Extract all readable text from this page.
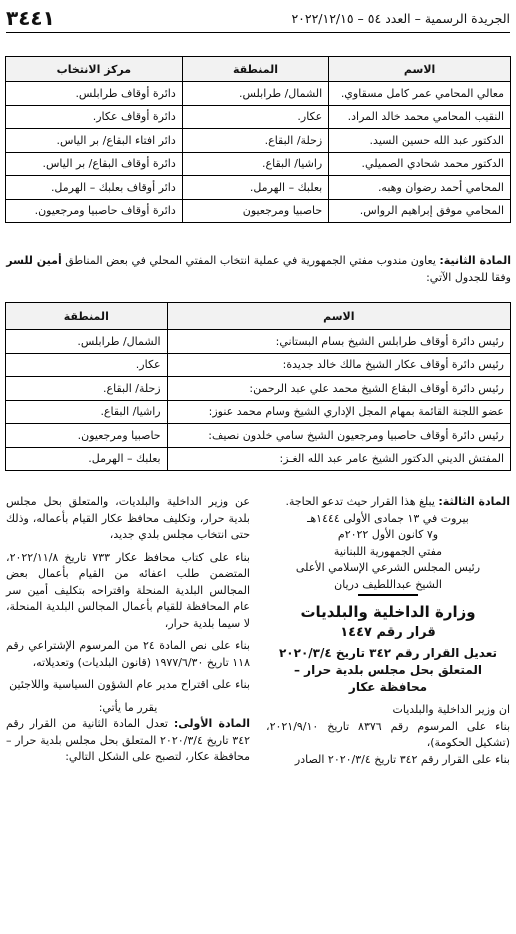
الجريدة الرسمية – العدد ٥٤ – ٢٠٢٢/١٢/١٥
٣٤٤١
الاسم	المنطقة	مركز الانتخاب
معالي المحامي عمر كامل مسقاوي.	الشمال/ طرابلس.	دائرة أوقاف طرابلس.
النقيب المحامي محمد خالد المراد.	عكار.	دائرة أوقاف عكار.
الدكتور عبد الله حسين السيد.	زحلة/ البقاع.	دائر افتاء البقاع/ بر الياس.
الدكتور محمد شحادي الصميلي.	راشيا/ البقاع.	دائرة أوقاف البقاع/ بر الياس.
المحامي أحمد رضوان وهبه.	بعلبك – الهرمل.	دائر أوقاف بعلبك – الهرمل.
المحامي موفق إبراهيم الرواس.	حاصبيا ومرجعيون	دائرة أوقاف حاصبيا ومرجعيون.
المادة الثانية: يعاون مندوب مفتي الجمهورية في عملية انتخاب المفتي المحلي في بعض المناطق أمين للسر
وفقا للجدول الآتي:
الاسم	المنطقة
رئيس دائرة أوقاف طرابلس الشيخ بسام البستاني:	الشمال/ طرابلس.
رئيس دائرة أوقاف عكار الشيخ مالك خالد جديدة:	عكار.
رئيس دائرة أوقاف البقاع الشيخ محمد علي عبد الرحمن:	زحلة/ البقاع.
عضو اللجنة القائمة بمهام المجل الإداري الشيخ وسام محمد عنوز:	راشيا/ البقاع.
رئيس دائرة أوقاف حاصبيا ومرجعيون الشيخ سامي خلدون نصيف:	حاصبيا ومرجعيون.
المفتش الديني الدكتور الشيخ عامر عبد الله الغـز:	بعلبك – الهرمل.

المادة الثالثة: يبلغ هذا القرار حيث تدعو الحاجة.

بيروت في ١٣ جمادى الأولى ١٤٤٤هـ

و٧ كانون الأول ٢٠٢٢م

مفتي الجمهورية اللبنانية

رئيس المجلس الشرعي الإسلامي الأعلى

الشيخ عبداللطيف دريان

وزارة الداخلية والبلديات
قرار رقم ١٤٤٧
تعديل القرار رقم ٣٤٢ تاريخ ٢٠٢٠/٣/٤
المتعلق بحل مجلس بلدية حرار –
محافظة عكار

ان وزير الداخلية والبلديات

بناء على المرسوم رقم ٨٣٧٦ تاريخ ٢٠٢١/٩/١٠، (تشكيل الحكومة)،

بناء على القرار رقم ٣٤٢ تاريخ ٢٠٢٠/٣/٤ الصادر

عن وزير الداخلية والبلديات، والمتعلق بحل مجلس بلدية حرار، وتكليف محافظ عكار القيام بأعماله، وذلك حتى انتخاب مجلس بلدي جديد،

بناء على كتاب محافظ عكار ٧٣٣ تاريخ ٢٠٢٢/١١/٨، المتضمن طلب اعفائه من القيام بأعمال بعض المجالس البلدية المنحلة واقتراحه بتكليف أمين سر عام المحافظة للقيام بأعمال المجالس البلدية المنحلة، لا سيما بلدية حرار،

بناء على نص المادة ٢٤ من المرسوم الإشتراعي رقم ١١٨ تاريخ ١٩٧٧/٦/٣٠ (قانون البلديات) وتعديلاته،

بناء على اقتراح مدير عام الشؤون السياسية واللاجئين

يقرر ما يأتي:

المادة الأولى: تعدل المادة الثانية من القرار رقم ٣٤٢ تاريخ ٢٠٢٠/٣/٤ المتعلق بحل مجلس بلدية حرار – محافظة عكار، لتصبح على الشكل التالي:
